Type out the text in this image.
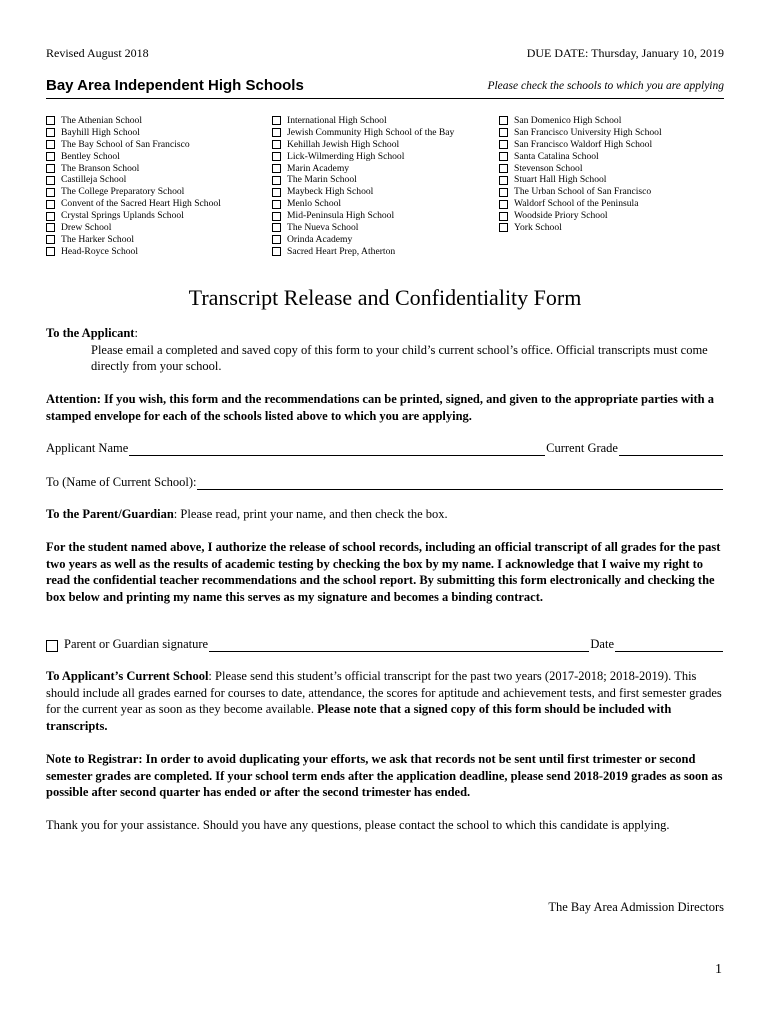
Revised August 2018	DUE DATE: Thursday, January 10, 2019
Bay Area Independent High Schools	Please check the schools to which you are applying
The Athenian School
Bayhill High School
The Bay School of San Francisco
Bentley School
The Branson School
Castilleja School
The College Preparatory School
Convent of the Sacred Heart High School
Crystal Springs Uplands School
Drew School
The Harker School
Head-Royce School
International High School
Jewish Community High School of the Bay
Kehillah Jewish High School
Lick-Wilmerding High School
Marin Academy
The Marin School
Maybeck High School
Menlo School
Mid-Peninsula High School
The Nueva School
Orinda Academy
Sacred Heart Prep, Atherton
San Domenico High School
San Francisco University High School
San Francisco Waldorf High School
Santa Catalina School
Stevenson School
Stuart Hall High School
The Urban School of San Francisco
Waldorf School of the Peninsula
Woodside Priory School
York School
Transcript Release and Confidentiality Form
To the Applicant:
Please email a completed and saved copy of this form to your child’s current school’s office. Official transcripts must come directly from your school.
Attention: If you wish, this form and the recommendations can be printed, signed, and given to the appropriate parties with a stamped envelope for each of the schools listed above to which you are applying.
Applicant Name	Current Grade
To (Name of Current School):
To the Parent/Guardian: Please read, print your name, and then check the box.
For the student named above, I authorize the release of school records, including an official transcript of all grades for the past two years as well as the results of academic testing by checking the box by my name. I acknowledge that I waive my right to read the confidential teacher recommendations and the school report. By submitting this form electronically and checking the box below and printing my name this serves as my signature and becomes a binding contract.
Parent or Guardian signature	Date
To Applicant’s Current School: Please send this student’s official transcript for the past two years (2017-2018; 2018-2019). This should include all grades earned for courses to date, attendance, the scores for aptitude and achievement tests, and first semester grades for the current year as soon as they become available. Please note that a signed copy of this form should be included with transcripts.
Note to Registrar: In order to avoid duplicating your efforts, we ask that records not be sent until first trimester or second semester grades are completed. If your school term ends after the application deadline, please send 2018-2019 grades as soon as possible after second quarter has ended or after the second trimester has ended.
Thank you for your assistance. Should you have any questions, please contact the school to which this candidate is applying.
The Bay Area Admission Directors
1
